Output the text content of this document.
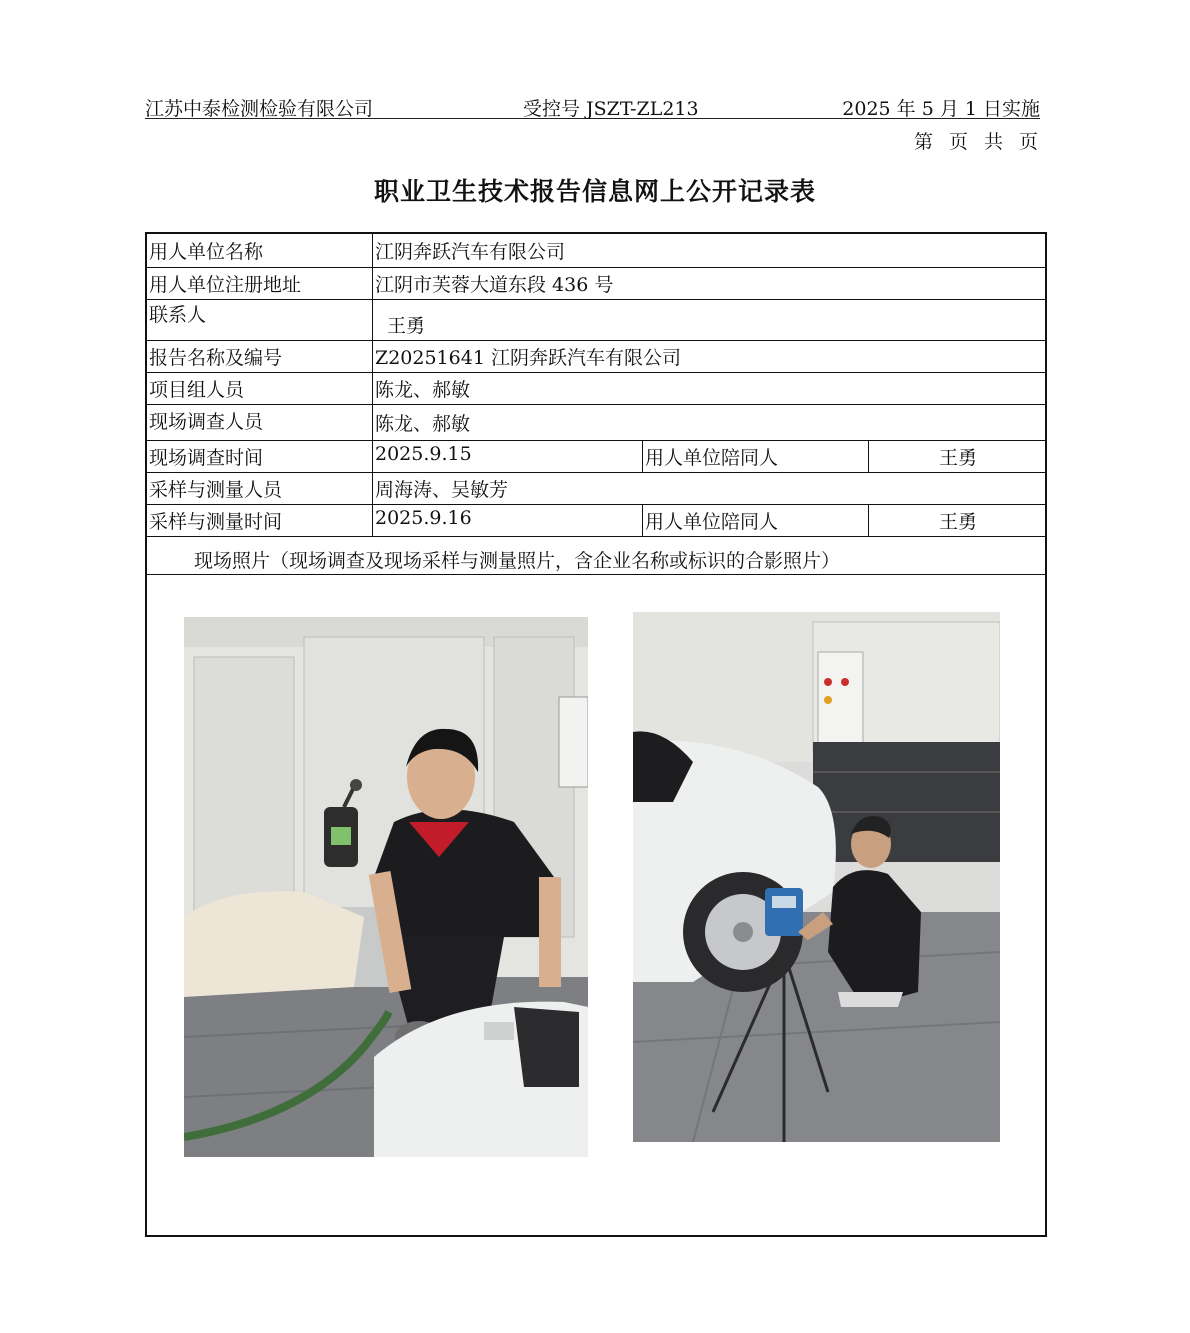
江苏中泰检测检验有限公司	受控号 JSZT-ZL213	2025 年 5 月 1 日实施
第 页 共 页
职业卫生技术报告信息网上公开记录表
用人单位名称	江阴奔跃汽车有限公司
用人单位注册地址	江阴市芙蓉大道东段 436 号
联系人	王勇
报告名称及编号	Z20251641 江阴奔跃汽车有限公司
项目组人员	陈龙、郝敏
现场调查人员	陈龙、郝敏
现场调查时间	2025.9.15	用人单位陪同人	王勇
采样与测量人员	周海涛、吴敏芳
采样与测量时间	2025.9.16	用人单位陪同人	王勇
现场照片（现场调查及现场采样与测量照片，含企业名称或标识的合影照片）
